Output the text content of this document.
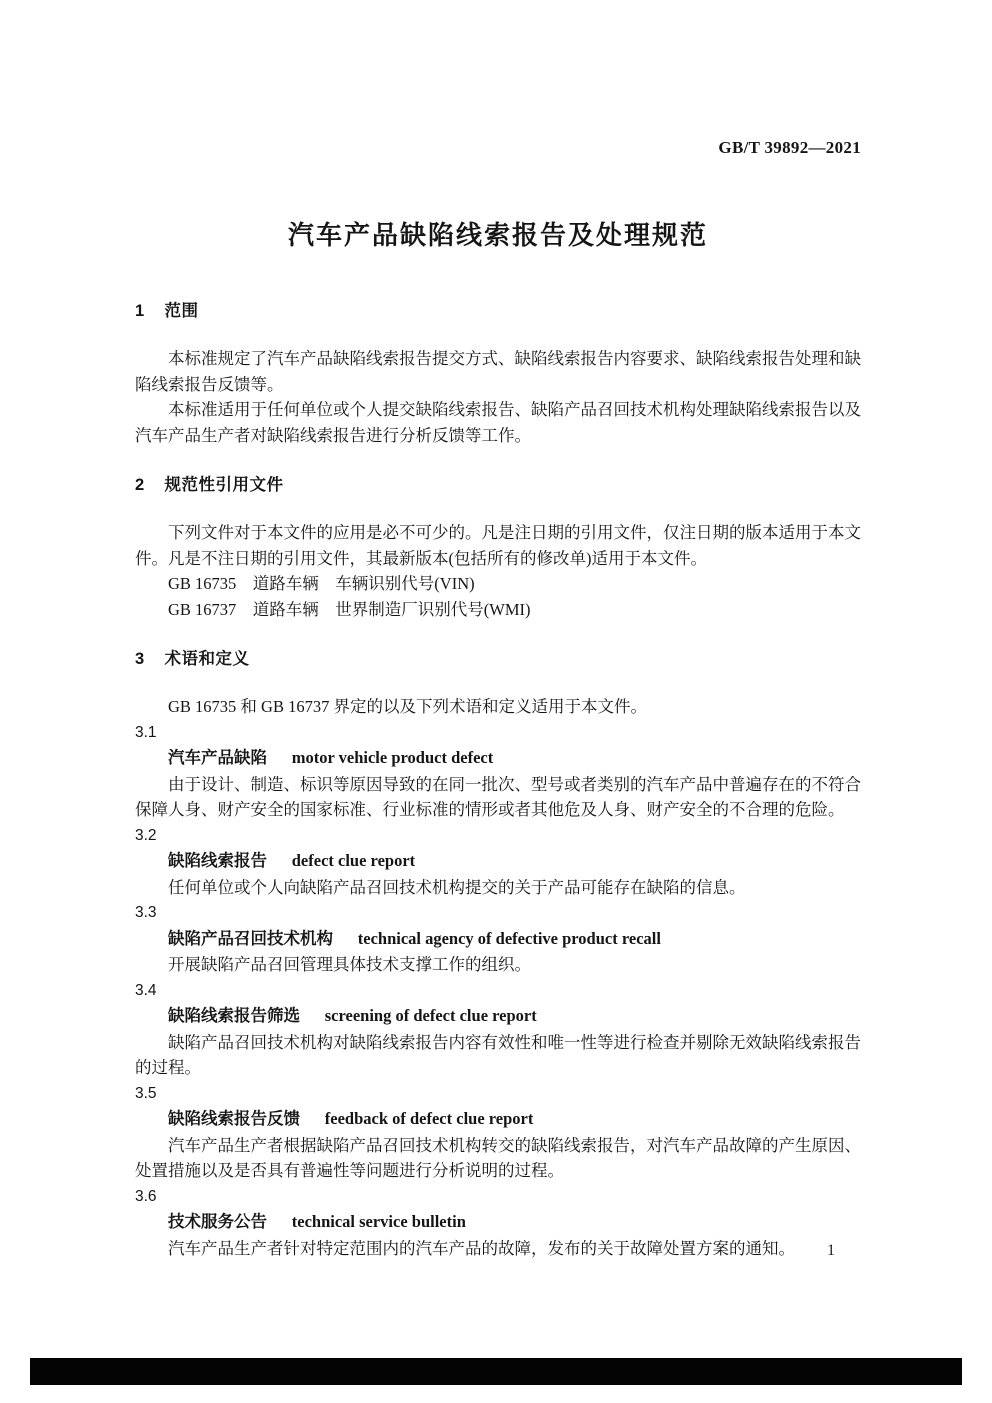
GB/T 39892—2021
汽车产品缺陷线索报告及处理规范
1 范围

本标准规定了汽车产品缺陷线索报告提交方式、缺陷线索报告内容要求、缺陷线索报告处理和缺陷线索报告反馈等。

本标准适用于任何单位或个人提交缺陷线索报告、缺陷产品召回技术机构处理缺陷线索报告以及汽车产品生产者对缺陷线索报告进行分析反馈等工作。

2 规范性引用文件

下列文件对于本文件的应用是必不可少的。凡是注日期的引用文件，仅注日期的版本适用于本文件。凡是不注日期的引用文件，其最新版本(包括所有的修改单)适用于本文件。

GB 16735　道路车辆　车辆识别代号(VIN)

GB 16737　道路车辆　世界制造厂识别代号(WMI)

3 术语和定义

GB 16735 和 GB 16737 界定的以及下列术语和定义适用于本文件。

3.1

汽车产品缺陷 motor vehicle product defect

由于设计、制造、标识等原因导致的在同一批次、型号或者类别的汽车产品中普遍存在的不符合保障人身、财产安全的国家标准、行业标准的情形或者其他危及人身、财产安全的不合理的危险。

3.2

缺陷线索报告 defect clue report

任何单位或个人向缺陷产品召回技术机构提交的关于产品可能存在缺陷的信息。

3.3

缺陷产品召回技术机构 technical agency of defective product recall

开展缺陷产品召回管理具体技术支撑工作的组织。

3.4

缺陷线索报告筛选 screening of defect clue report

缺陷产品召回技术机构对缺陷线索报告内容有效性和唯一性等进行检查并剔除无效缺陷线索报告的过程。

3.5

缺陷线索报告反馈 feedback of defect clue report

汽车产品生产者根据缺陷产品召回技术机构转交的缺陷线索报告，对汽车产品故障的产生原因、处置措施以及是否具有普遍性等问题进行分析说明的过程。

3.6

技术服务公告 technical service bulletin

汽车产品生产者针对特定范围内的汽车产品的故障，发布的关于故障处置方案的通知。	1
